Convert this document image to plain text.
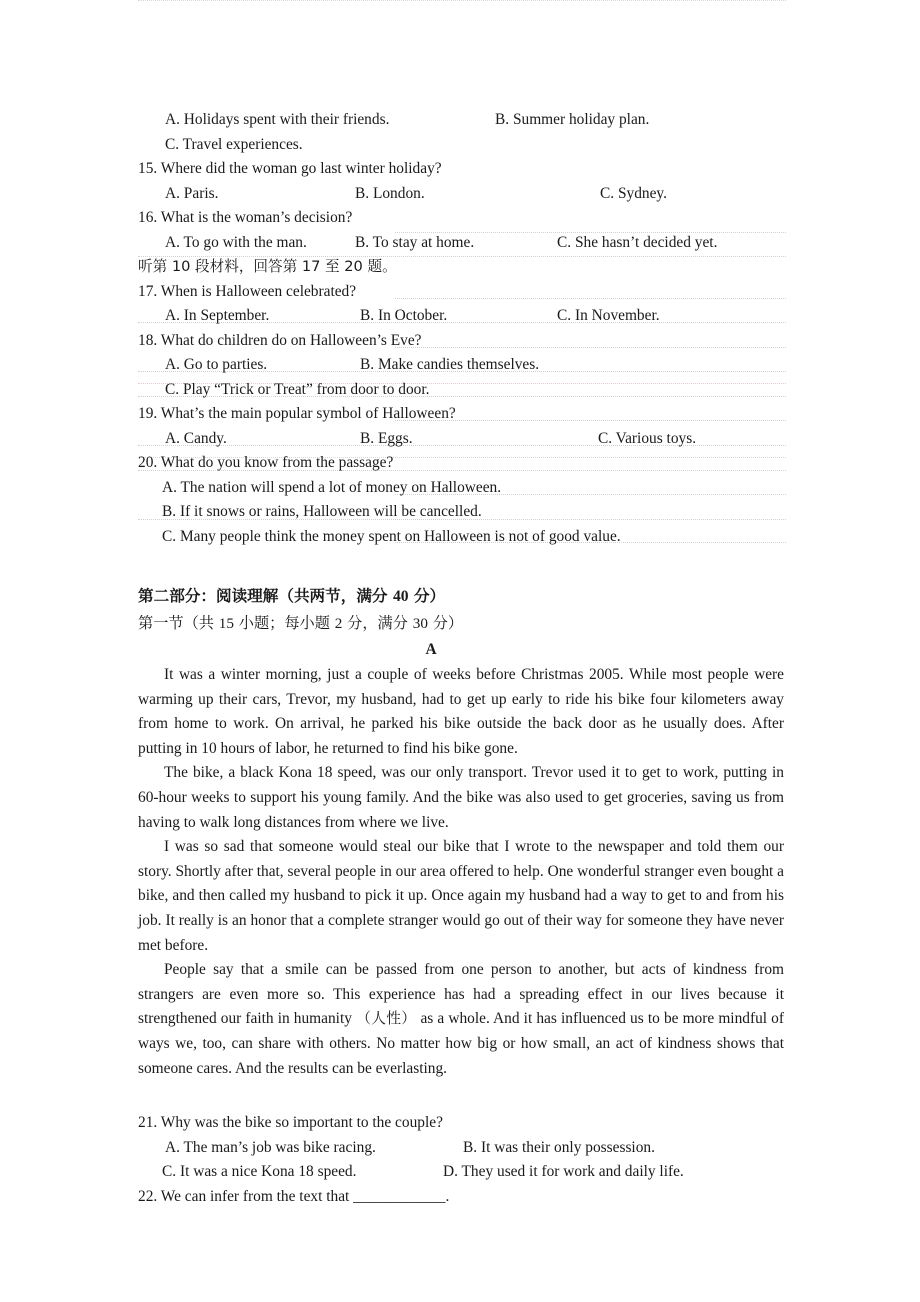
A. Holidays spent with their friends.

	B. Summer holiday plan.

C. Travel experiences.
15. Where did the woman go last winter holiday?

A. Paris.

	B. London.

	C. Sydney.

16. What is the woman’s decision?

A. To go with the man.

	B. To stay at home.

	C. She hasn’t decided yet.

听第 10 段材料，回答第 17 至 20 题。
17. When is Halloween celebrated?

A. In September.

	B. In October.

	C. In November.

18. What do children do on Halloween’s Eve?

A. Go to parties.

	B. Make candies themselves.

C. Play “Trick or Treat” from door to door.
19. What’s the main popular symbol of Halloween?

A. Candy.

	B. Eggs.

	C. Various toys.

20. What do you know from the passage?
A. The nation will spend a lot of money on Halloween.
B. If it snows or rains, Halloween will be cancelled.
C. Many people think the money spent on Halloween is not of good value.
第二部分：阅读理解（共两节，满分 40 分）
第一节（共 15 小题；每小题 2 分，满分 30 分）
A

It was a winter morning, just a couple of weeks before Christmas 2005. While most people were warming up their cars, Trevor, my husband, had to get up early to ride his bike four kilometers away from home to work. On arrival, he parked his bike outside the back door as he usually does. After putting in 10 hours of labor, he returned to find his bike gone.

The bike, a black Kona 18 speed, was our only transport. Trevor used it to get to work, putting in 60-hour weeks to support his young family. And the bike was also used to get groceries, saving us from having to walk long distances from where we live.

I was so sad that someone would steal our bike that I wrote to the newspaper and told them our story. Shortly after that, several people in our area offered to help. One wonderful stranger even bought a bike, and then called my husband to pick it up. Once again my husband had a way to get to and from his job. It really is an honor that a complete stranger would go out of their way for someone they have never met before.

People say that a smile can be passed from one person to another, but acts of kindness from strangers are even more so. This experience has had a spreading effect in our lives because it strengthened our faith in humanity （人性） as a whole. And it has influenced us to be more mindful of ways we, too, can share with others. No matter how big or how small, an act of kindness shows that someone cares. And the results can be everlasting.

21. Why was the bike so important to the couple?

A. The man’s job was bike racing.

	B. It was their only possession.

C. It was a nice Kona 18 speed.

	D. They used it for work and daily life.

22. We can infer from the text that ____________.
